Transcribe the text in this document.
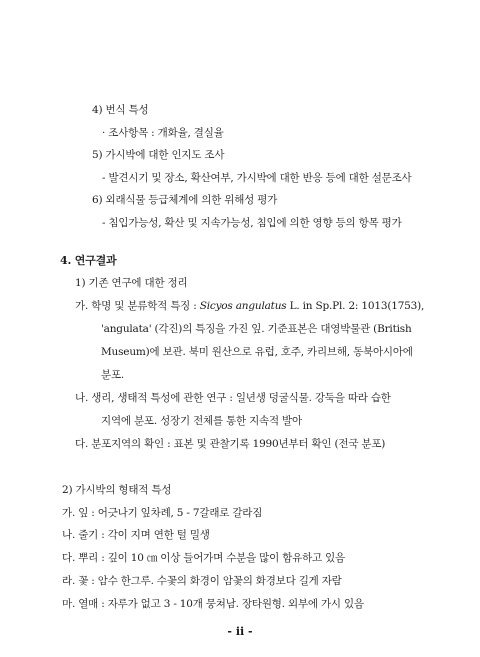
4) 번식 특성
· 조사항목 : 개화율, 결실율
5) 가시박에 대한 인지도 조사
- 발견시기 및 장소, 확산여부, 가시박에 대한 반응 등에 대한 설문조사
6) 외래식물 등급체계에 의한 위해성 평가
- 침입가능성, 확산 및 지속가능성, 침입에 의한 영향 등의 항목 평가
4. 연구결과
1) 기존 연구에 대한 정리
가. 학명 및 분류학적 특징 : Sicyos angulatus L. in Sp.Pl. 2: 1013(1753),
'angulata' (각진)의 특징을 가진 잎. 기준표본은 대영박물관 (British
Museum)에 보관. 북미 원산으로 유럽, 호주, 카리브해, 동북아시아에
분포.
나. 생리, 생태적 특성에 관한 연구 : 일년생 덩굴식물. 강둑을 따라 습한
지역에 분포. 성장기 전체를 통한 지속적 발아
다. 분포지역의 확인 : 표본 및 관찰기록 1990년부터 확인 (전국 분포)
2) 가시박의 형태적 특성
가. 잎 : 어긋나기 잎차례, 5 - 7갈래로 갈라짐
나. 줄기 : 각이 지며 연한 털 밀생
다. 뿌리 : 깊이 10 ㎝ 이상 들어가며 수분을 많이 함유하고 있음
라. 꽃 : 암수 한그루. 수꽃의 화경이 암꽃의 화경보다 길게 자람
마. 열매 : 자루가 없고 3 - 10개 뭉쳐남. 장타원형. 외부에 가시 있음
- ii -
